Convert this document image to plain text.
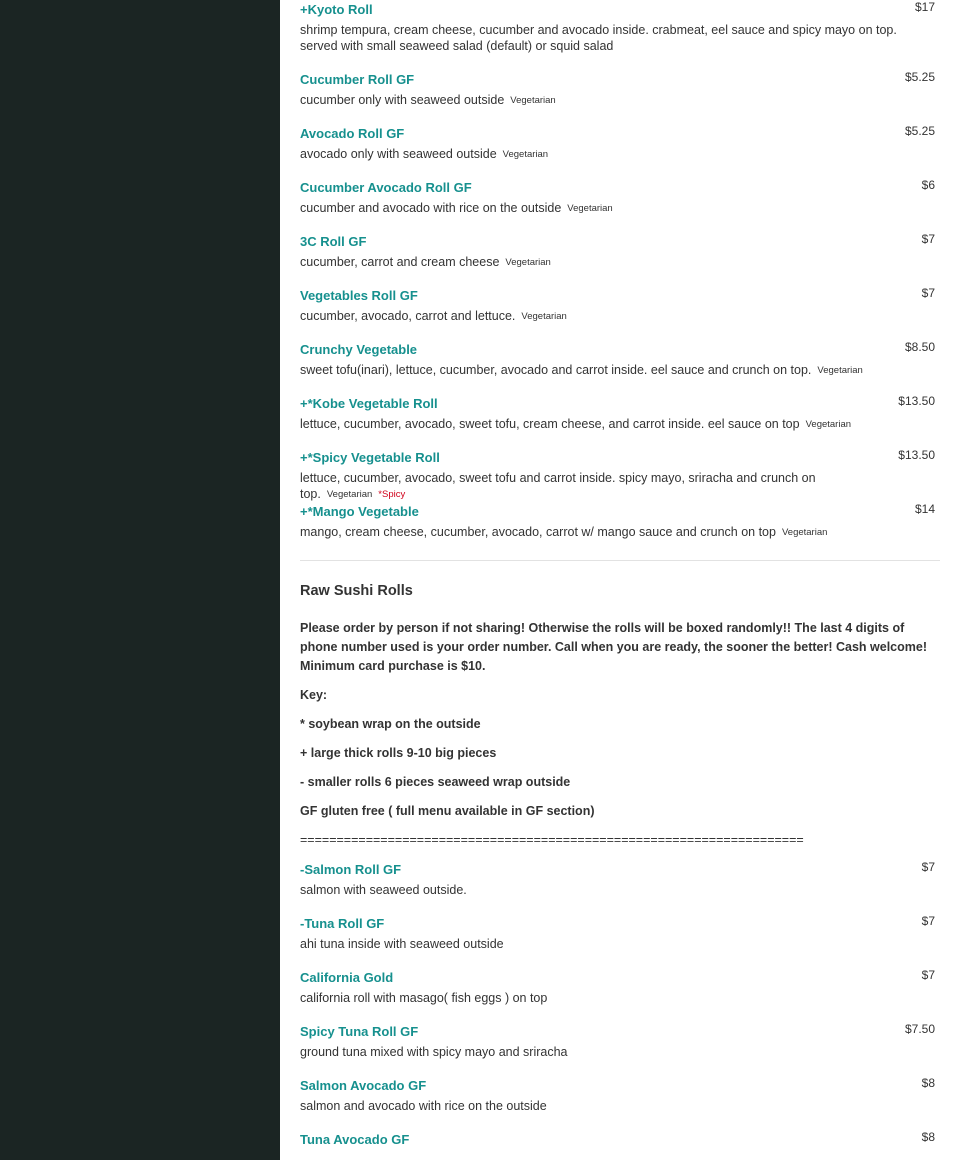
+Kyoto Roll	$17
shrimp tempura, cream cheese, cucumber and avocado inside. crabmeat, eel sauce and spicy mayo on top. served with small seaweed salad (default) or squid salad
Cucumber Roll GF	$5.25
cucumber only with seaweed outside Vegetarian
Avocado Roll GF	$5.25
avocado only with seaweed outside Vegetarian
Cucumber Avocado Roll GF	$6
cucumber and avocado with rice on the outside Vegetarian
3C Roll GF	$7
cucumber, carrot and cream cheese Vegetarian
Vegetables Roll GF	$7
cucumber, avocado, carrot and lettuce. Vegetarian
Crunchy Vegetable	$8.50
sweet tofu(inari), lettuce, cucumber, avocado and carrot inside. eel sauce and crunch on top. Vegetarian
+*Kobe Vegetable Roll	$13.50
lettuce, cucumber, avocado, sweet tofu, cream cheese, and carrot inside. eel sauce on top Vegetarian
+*Spicy Vegetable Roll	$13.50
lettuce, cucumber, avocado, sweet tofu and carrot inside. spicy mayo, sriracha and crunch on top. Vegetarian *Spicy
+*Mango Vegetable	$14
mango, cream cheese, cucumber, avocado, carrot w/ mango sauce and crunch on top Vegetarian
Raw Sushi Rolls

Please order by person if not sharing! Otherwise the rolls will be boxed randomly!! The last 4 digits of phone number used is your order number. Call when you are ready, the sooner the better! Cash welcome! Minimum card purchase is $10.

Key:

* soybean wrap on the outside

+ large thick rolls 9-10 big pieces

- smaller rolls 6 pieces seaweed wrap outside

GF gluten free ( full menu available in GF section)

=====================================================================

-Salmon Roll GF	$7
salmon with seaweed outside.
-Tuna Roll GF	$7
ahi tuna inside with seaweed outside
California Gold	$7
california roll with masago( fish eggs ) on top
Spicy Tuna Roll GF	$7.50
ground tuna mixed with spicy mayo and sriracha
Salmon Avocado GF	$8
salmon and avocado with rice on the outside
Tuna Avocado GF	$8
